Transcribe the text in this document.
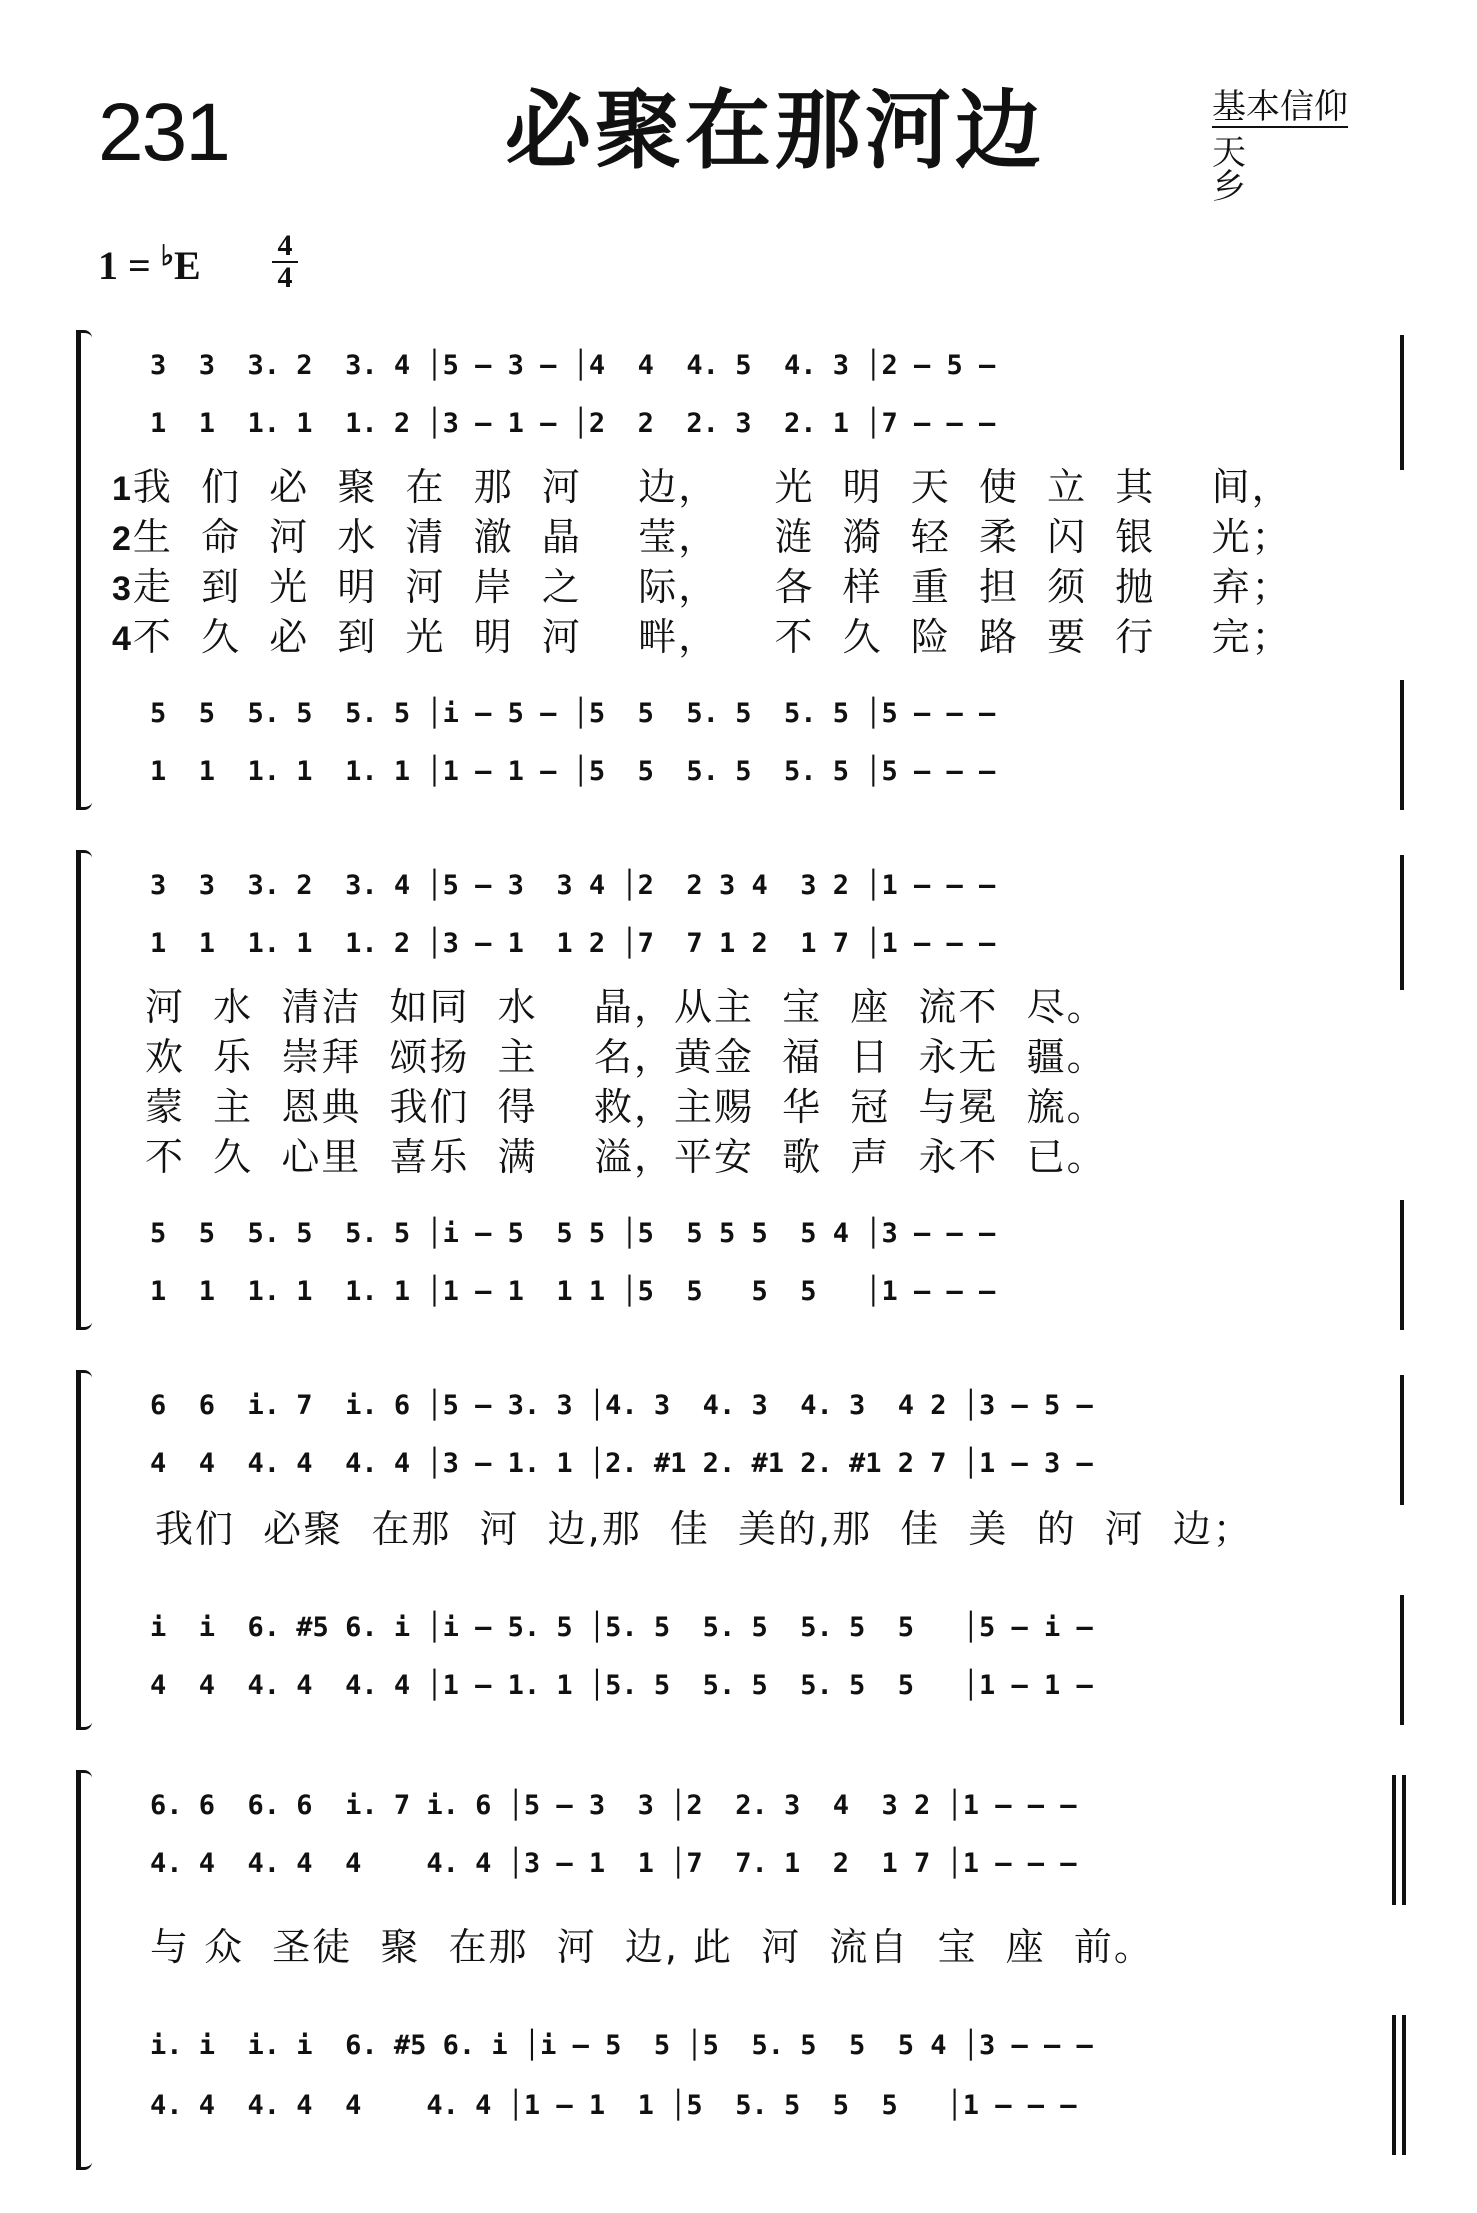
231	必聚在那河边	基本信仰
天 乡
1 = ♭E	4
4
3  3  3. 2  3. 4 │5 – 3 – │4  4  4. 5  4. 3 │2 – 5 –
1  1  1. 1  1. 2 │3 – 1 – │2  2  2. 3  2. 1 │7 – – –
1我  们  必  聚  在  那  河    边，    光  明  天  使  立  其    间，
2生  命  河  水  清  澈  晶    莹，    涟  漪  轻  柔  闪  银    光；
3走  到  光  明  河  岸  之    际，    各  样  重  担  须  抛    弃；
4不  久  必  到  光  明  河    畔，    不  久  险  路  要  行    完；
5  5  5. 5  5. 5 │i – 5 – │5  5  5. 5  5. 5 │5 – – –
1  1  1. 1  1. 1 │1 – 1 – │5  5  5. 5  5. 5 │5 – – –
3  3  3. 2  3. 4 │5 – 3  3 4 │2  2 3 4  3 2 │1 – – –
1  1  1. 1  1. 2 │3 – 1  1 2 │7  7 1 2  1 7 │1 – – –
河  水  清洁  如同  水    晶，从主  宝  座  流不  尽。
欢  乐  崇拜  颂扬  主    名，黄金  福  日  永无  疆。
蒙  主  恩典  我们  得    救，主赐  华  冠  与冕  旒。
不  久  心里  喜乐  满    溢，平安  歌  声  永不  已。
5  5  5. 5  5. 5 │i – 5  5 5 │5  5 5 5  5 4 │3 – – –
1  1  1. 1  1. 1 │1 – 1  1 1 │5  5   5  5   │1 – – –
6  6  i. 7  i. 6 │5 – 3. 3 │4. 3  4. 3  4. 3  4 2 │3 – 5 –
4  4  4. 4  4. 4 │3 – 1. 1 │2. #1 2. #1 2. #1 2 7 │1 – 3 –
我们  必聚  在那  河  边,那  佳  美的,那  佳  美  的  河  边；
i  i  6. #5 6. i │i – 5. 5 │5. 5  5. 5  5. 5  5   │5 – i –
4  4  4. 4  4. 4 │1 – 1. 1 │5. 5  5. 5  5. 5  5   │1 – 1 –
6. 6  6. 6  i. 7 i. 6 │5 – 3  3 │2  2. 3  4  3 2 │1 – – –
4. 4  4. 4  4    4. 4 │3 – 1  1 │7  7. 1  2  1 7 │1 – – –
与 众  圣徒  聚  在那  河  边, 此  河  流自  宝  座  前。
i. i  i. i  6. #5 6. i │i – 5  5 │5  5. 5  5  5 4 │3 – – –
4. 4  4. 4  4    4. 4 │1 – 1  1 │5  5. 5  5  5   │1 – – –
